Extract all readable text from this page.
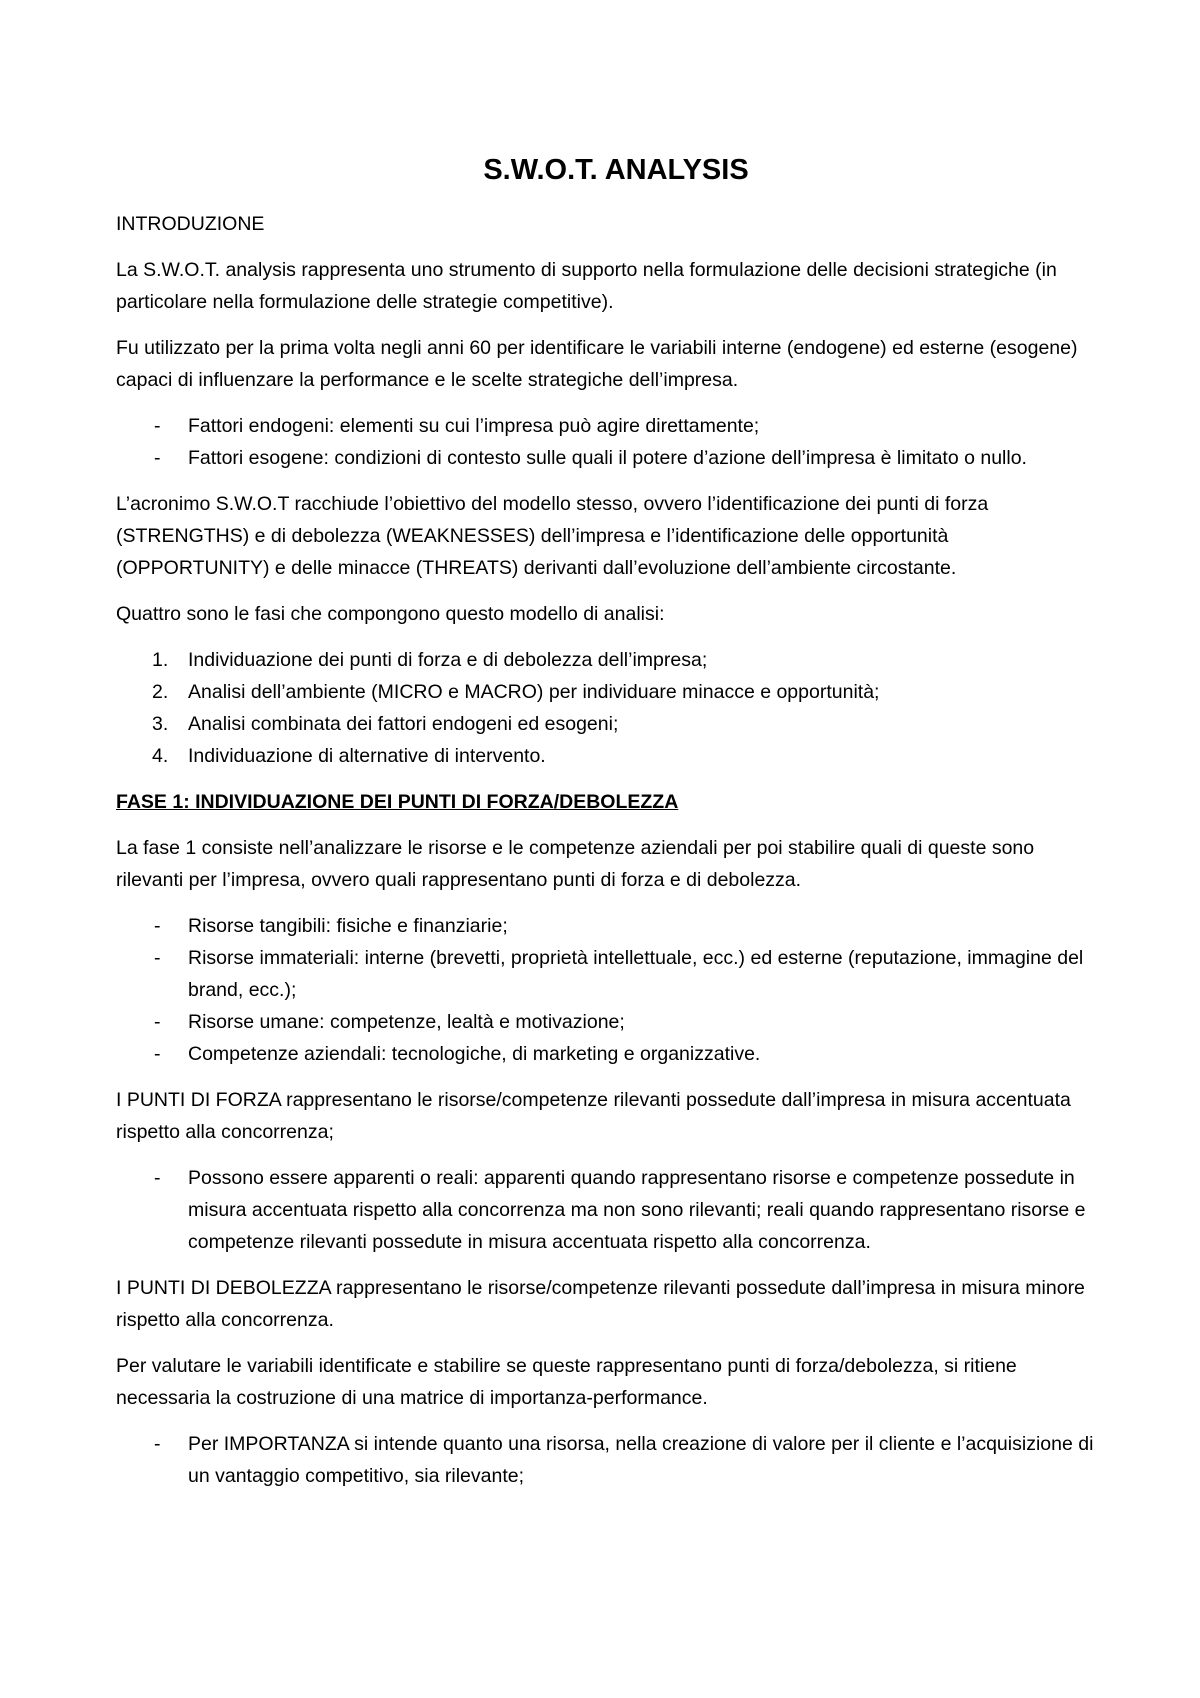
S.W.O.T. ANALYSIS
INTRODUZIONE

La S.W.O.T. analysis rappresenta uno strumento di supporto nella formulazione delle decisioni strategiche (in particolare nella formulazione delle strategie competitive).

Fu utilizzato per la prima volta negli anni 60 per identificare le variabili interne (endogene) ed esterne (esogene) capaci di influenzare la performance e le scelte strategiche dell’impresa.

- Fattori endogeni: elementi su cui l’impresa può agire direttamente;
- Fattori esogene: condizioni di contesto sulle quali il potere d’azione dell’impresa è limitato o nullo.

L’acronimo S.W.O.T racchiude l’obiettivo del modello stesso, ovvero l’identificazione dei punti di forza (STRENGTHS) e di debolezza (WEAKNESSES) dell’impresa e l’identificazione delle opportunità (OPPORTUNITY) e delle minacce (THREATS) derivanti dall’evoluzione dell’ambiente circostante.

Quattro sono le fasi che compongono questo modello di analisi:

1. Individuazione dei punti di forza e di debolezza dell’impresa;
2. Analisi dell’ambiente (MICRO e MACRO) per individuare minacce e opportunità;
3. Analisi combinata dei fattori endogeni ed esogeni;
4. Individuazione di alternative di intervento.
FASE 1: INDIVIDUAZIONE DEI PUNTI DI FORZA/DEBOLEZZA

La fase 1 consiste nell’analizzare le risorse e le competenze aziendali per poi stabilire quali di queste sono rilevanti per l’impresa, ovvero quali rappresentano punti di forza e di debolezza.

- Risorse tangibili: fisiche e finanziarie;
- Risorse immateriali: interne (brevetti, proprietà intellettuale, ecc.) ed esterne (reputazione, immagine del brand, ecc.);
- Risorse umane: competenze, lealtà e motivazione;
- Competenze aziendali: tecnologiche, di marketing e organizzative.

I PUNTI DI FORZA rappresentano le risorse/competenze rilevanti possedute dall’impresa in misura accentuata rispetto alla concorrenza;

- Possono essere apparenti o reali: apparenti quando rappresentano risorse e competenze possedute in misura accentuata rispetto alla concorrenza ma non sono rilevanti; reali quando rappresentano risorse e competenze rilevanti possedute in misura accentuata rispetto alla concorrenza.

I PUNTI DI DEBOLEZZA rappresentano le risorse/competenze rilevanti possedute dall’impresa in misura minore rispetto alla concorrenza.

Per valutare le variabili identificate e stabilire se queste rappresentano punti di forza/debolezza, si ritiene necessaria la costruzione di una matrice di importanza-performance.

- Per IMPORTANZA si intende quanto una risorsa, nella creazione di valore per il cliente e l’acquisizione di un vantaggio competitivo, sia rilevante;
